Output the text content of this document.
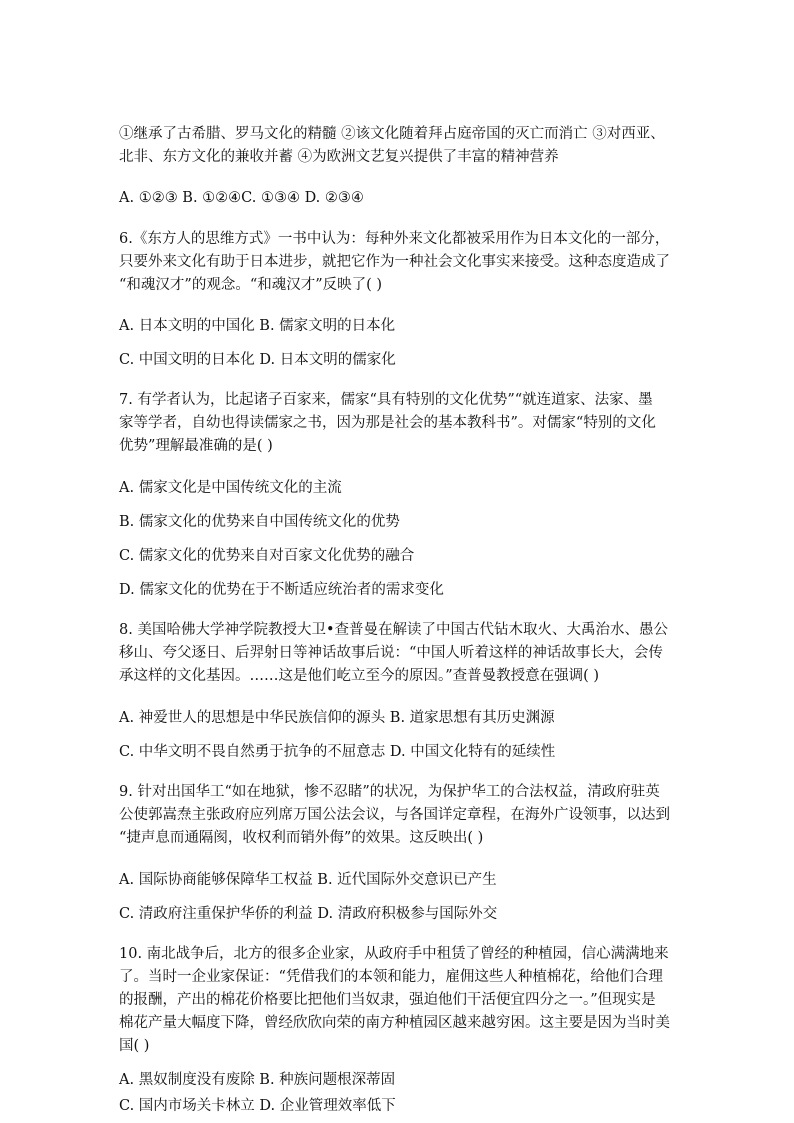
①继承了古希腊、罗马文化的精髓 ②该文化随着拜占庭帝国的灭亡而消亡 ③对西亚、
北非、东方文化的兼收并蓄 ④为欧洲文艺复兴提供了丰富的精神营养
A. ①②③ B. ①②④C. ①③④ D. ②③④
6.《东方人的思维方式》一书中认为：每种外来文化都被采用作为日本文化的一部分，
只要外来文化有助于日本进步，就把它作为一种社会文化事实来接受。这种态度造成了
“和魂汉才”的观念。“和魂汉才”反映了( )
A. 日本文明的中国化 B. 儒家文明的日本化
C. 中国文明的日本化 D. 日本文明的儒家化
7. 有学者认为，比起诸子百家来，儒家“具有特别的文化优势”“就连道家、法家、墨
家等学者，自幼也得读儒家之书，因为那是社会的基本教科书”。对儒家“特别的文化
优势”理解最准确的是( )
A. 儒家文化是中国传统文化的主流
B. 儒家文化的优势来自中国传统文化的优势
C. 儒家文化的优势来自对百家文化优势的融合
D. 儒家文化的优势在于不断适应统治者的需求变化
8. 美国哈佛大学神学院教授大卫•查普曼在解读了中国古代钻木取火、大禹治水、愚公
移山、夸父逐日、后羿射日等神话故事后说：“中国人听着这样的神话故事长大，会传
承这样的文化基因。……这是他们屹立至今的原因。”查普曼教授意在强调( )
A. 神爱世人的思想是中华民族信仰的源头 B. 道家思想有其历史渊源
C. 中华文明不畏自然勇于抗争的不屈意志 D. 中国文化特有的延续性
9. 针对出国华工“如在地狱，惨不忍睹”的状况，为保护华工的合法权益，清政府驻英
公使郭嵩焘主张政府应列席万国公法会议，与各国详定章程，在海外广设领事，以达到
“捷声息而通隔阂，收权利而销外侮”的效果。这反映出( )
A. 国际协商能够保障华工权益 B. 近代国际外交意识已产生
C. 清政府注重保护华侨的利益 D. 清政府积极参与国际外交
10. 南北战争后，北方的很多企业家，从政府手中租赁了曾经的种植园，信心满满地来
了。当时一企业家保证：“凭借我们的本领和能力，雇佣这些人种植棉花，给他们合理
的报酬，产出的棉花价格要比把他们当奴隶，强迫他们干活便宜四分之一。”但现实是
棉花产量大幅度下降，曾经欣欣向荣的南方种植园区越来越穷困。这主要是因为当时美
国( )
A. 黑奴制度没有废除 B. 种族问题根深蒂固
C. 国内市场关卡林立 D. 企业管理效率低下
